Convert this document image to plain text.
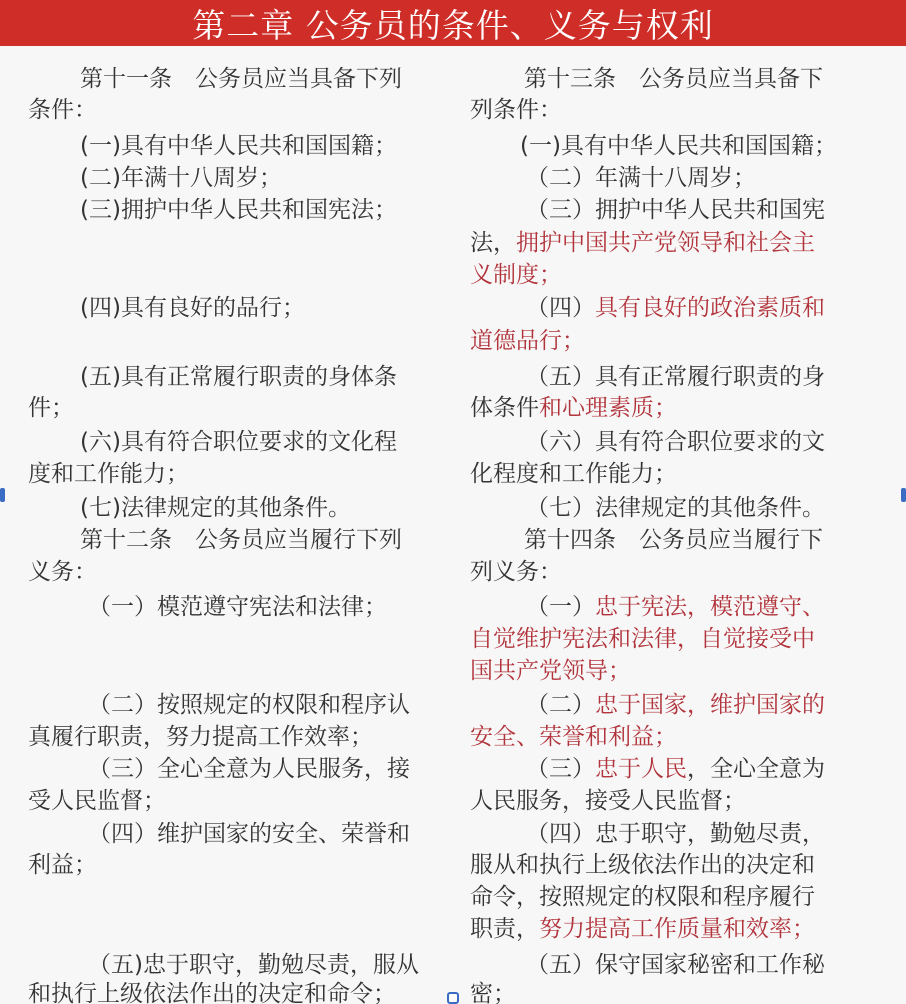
第二章 公务员的条件、义务与权利
第十一条　公务员应当具备下列
条件：
(一)具有中华人民共和国国籍；
(二)年满十八周岁；
(三)拥护中华人民共和国宪法；
(四)具有良好的品行；
(五)具有正常履行职责的身体条
件；
(六)具有符合职位要求的文化程
度和工作能力；
(七)法律规定的其他条件。
第十二条　公务员应当履行下列
义务：
（一）模范遵守宪法和法律；
（二）按照规定的权限和程序认
真履行职责，努力提高工作效率；
（三）全心全意为人民服务，接
受人民监督；
（四）维护国家的安全、荣誉和
利益；
（五)忠于职守，勤勉尽责，服从
和执行上级依法作出的决定和命令；
第十三条　公务员应当具备下
列条件：
(一)具有中华人民共和国国籍；
（二）年满十八周岁；
（三）拥护中华人民共和国宪
法，拥护中国共产党领导和社会主
义制度；
（四）具有良好的政治素质和
道德品行；
（五）具有正常履行职责的身
体条件和心理素质；
（六）具有符合职位要求的文
化程度和工作能力；
（七）法律规定的其他条件。
第十四条　公务员应当履行下
列义务：
（一）忠于宪法，模范遵守、
自觉维护宪法和法律，自觉接受中
国共产党领导；
（二）忠于国家，维护国家的
安全、荣誉和利益；
（三）忠于人民，全心全意为
人民服务，接受人民监督；
（四）忠于职守，勤勉尽责，
服从和执行上级依法作出的决定和
命令，按照规定的权限和程序履行
职责，努力提高工作质量和效率；
（五）保守国家秘密和工作秘
密；
